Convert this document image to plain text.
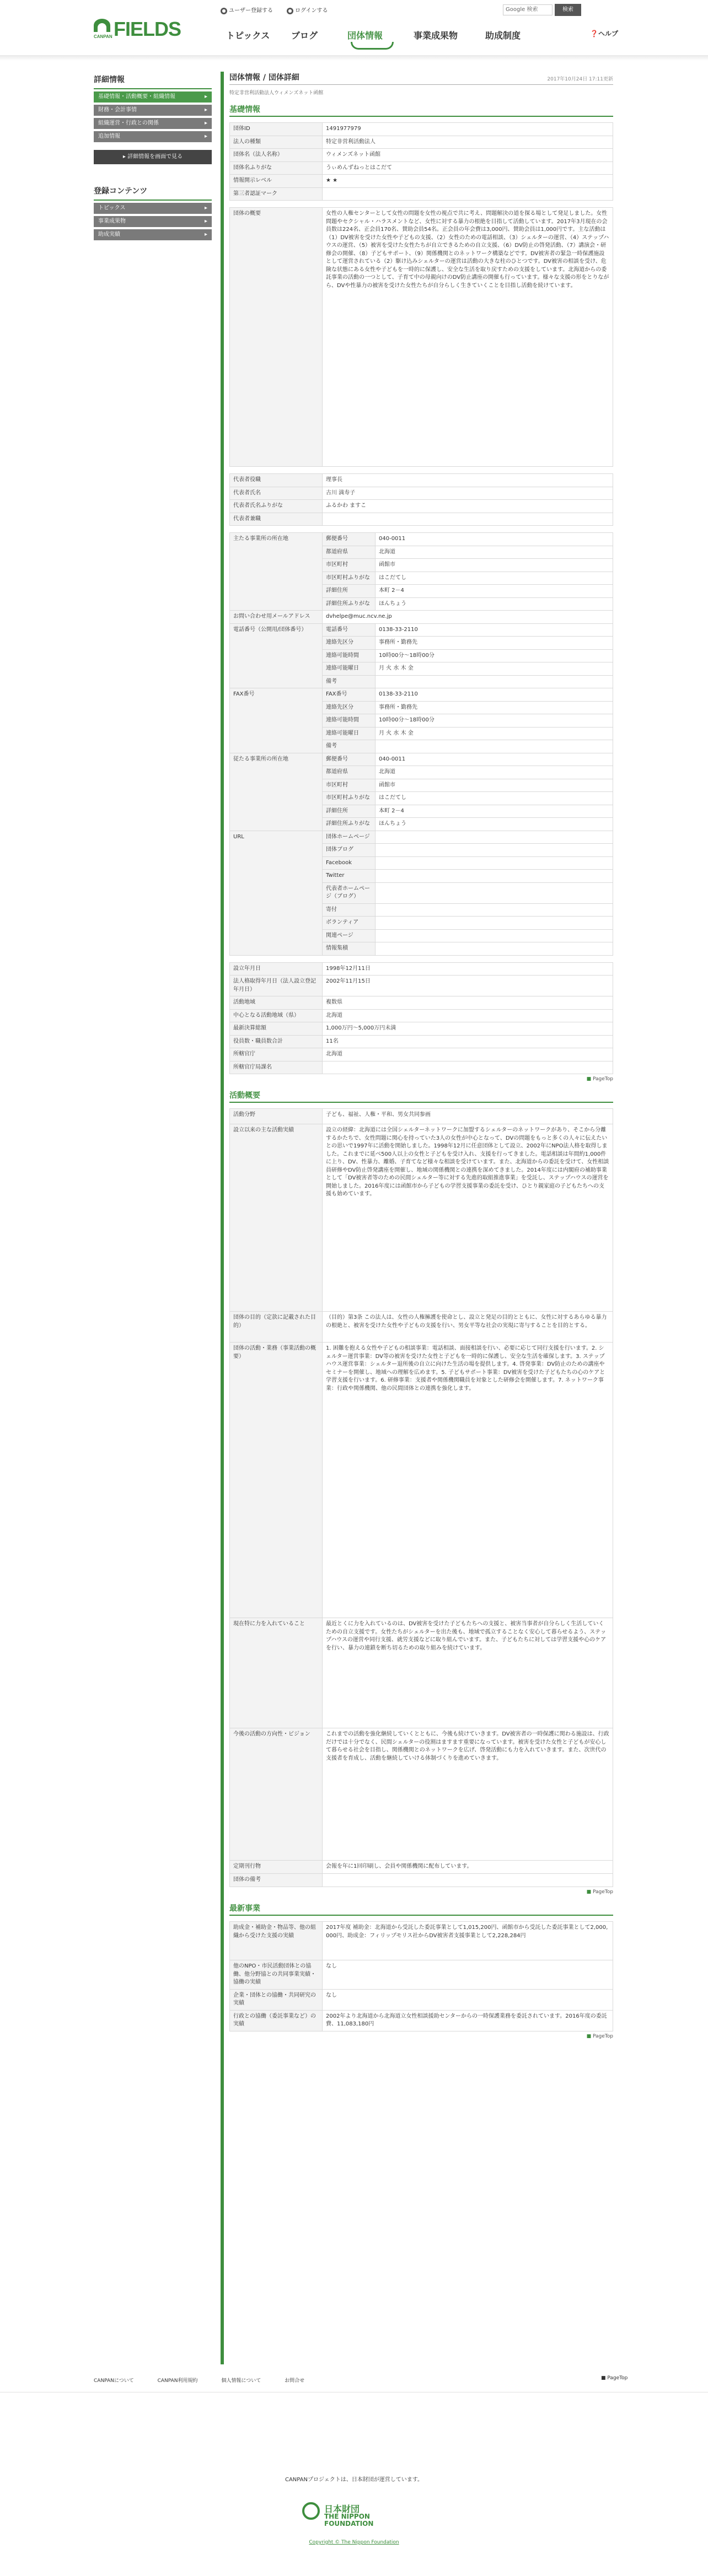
FIELDS
CANPAN
● ユーザー登録する	● ログインする	Google 検索	検索
トピックス ブログ	団体情報	事業成果物	助成制度	❓ヘルプ
詳細情報
基礎情報・活動概要・組織情報 ▸
財務・会計事情 ▸
組織運営・行政との関係 ▸
追加情報 ▸
▸ 詳細情報を画面で見る
登録コンテンツ
トピックス ▸
事業成果物 ▸
助成実績 ▸
団体情報 / 団体詳細	2017年10月24日 17:11更新
特定非営利活動法人ウィメンズネット函館
基礎情報
団体ID	1491977979
法人の種類	特定非営利活動法人
団体名（法人名称）	ウィメンズネット函館
団体名ふりがな	うぃめんずねっとはこだて
情報開示レベル	★ ★
第三者認証マーク	
団体の概要	女性の人権センターとして女性の問題を女性の視点で共に考え、問題解決の道を探る場として発足しました。女性問題やセクシャル・ハラスメントなど、女性に対する暴力の根絶を目指して活動しています。2017年3月現在の会員数は224名、正会員170名、賛助会員54名。正会員の年会費は3,000円、賛助会員は1,000円です。主な活動は（1）DV被害を受けた女性や子どもの支援、（2）女性のための電話相談、（3）シェルターの運営、（4）ステップハウスの運営、（5）被害を受けた女性たちが自立できるための自立支援、（6）DV防止の啓発活動、（7）講演会・研修会の開催、（8）子どもサポート、（9）関係機関とのネットワーク構築などです。DV被害者の緊急一時保護施設として運営されている（2）駆け込みシェルターの運営は活動の大きな柱のひとつです。DV被害の相談を受け、危険な状態にある女性や子どもを一時的に保護し、安全な生活を取り戻すための支援をしています。北海道からの委託事業の活動の一つとして、子育て中の母親向けのDV防止講座の開催も行っています。様々な支援の形をとりながら、DVや性暴力の被害を受けた女性たちが自分らしく生きていくことを目指し活動を続けています。
代表者役職	理事長
代表者氏名	古川 満寿子
代表者氏名ふりがな	ふるかわ ますこ
代表者兼職	
主たる事業所の所在地	郵便番号	040-0011
	都道府県	北海道
	市区町村	函館市
	市区町村ふりがな	はこだてし
	詳細住所	本町 2－4
	詳細住所ふりがな	ほんちょう
お問い合わせ用メールアドレス	dvhelpe@muc.ncv.ne.jp	
電話番号（公開用/団体番号）	電話番号	0138-33-2110
	連絡先区分	事務所・勤務先
	連絡可能時間	10時00分～18時00分
	連絡可能曜日	月 火 水 木 金
	備考	
FAX番号	FAX番号	0138-33-2110
	連絡先区分	事務所・勤務先
	連絡可能時間	10時00分～18時00分
	連絡可能曜日	月 火 水 木 金
	備考	
従たる事業所の所在地	郵便番号	040-0011
	都道府県	北海道
	市区町村	函館市
	市区町村ふりがな	はこだてし
	詳細住所	本町 2－4
	詳細住所ふりがな	ほんちょう
URL	団体ホームページ	
	団体ブログ	
	Facebook	
	Twitter	
	代表者ホームページ（ブログ）	
	寄付	
	ボランティア	
	関連ページ	
	情報集積	
設立年月日	1998年12月11日
法人格取得年月日（法人設立登記年月日）	2002年11月15日
活動地域	複数県
中心となる活動地域（県）	北海道
最新決算総額	1,000万円～5,000万円未満
役員数・職員数合計	11名
所轄官庁	北海道
所轄官庁局課名	
■ PageTop
活動概要
活動分野	子ども、福祉、人権・平和、男女共同参画
設立以来の主な活動実績	設立の経緯：北海道には全国シェルターネットワークに加盟するシェルターのネットワークがあり、そこから分離するかたちで、女性問題に関心を持っていた3人の女性が中心となって、DVの問題をもっと多くの人々に伝えたいとの思いで1997年に活動を開始しました。1998年12月に任意団体として設立、2002年にNPO法人格を取得しました。これまでに延べ500人以上の女性と子どもを受け入れ、支援を行ってきました。電話相談は年間約1,000件に上り、DV、性暴力、離婚、子育てなど様々な相談を受けています。また、北海道からの委託を受けて、女性相談員研修やDV防止啓発講座を開催し、地域の関係機関との連携を深めてきました。2014年度には内閣府の補助事業として「DV被害者等のための民間シェルター等に対する先進的取組推進事業」を受託し、ステップハウスの運営を開始しました。2016年度には函館市から子どもの学習支援事業の委託を受け、ひとり親家庭の子どもたちへの支援も始めています。
団体の目的（定款に記載された目的）	（目的）第3条 この法人は、女性の人権擁護を使命とし、設立と発足の目的とともに、女性に対するあらゆる暴力の根絶と、被害を受けた女性や子どもの支援を行い、男女平等な社会の実現に寄与することを目的とする。
団体の活動・業務（事業活動の概要）	1. 困難を抱える女性や子どもの相談事業：電話相談、面接相談を行い、必要に応じて同行支援を行います。2. シェルター運営事業：DV等の被害を受けた女性と子どもを一時的に保護し、安全な生活を確保します。3. ステップハウス運営事業：シェルター退所後の自立に向けた生活の場を提供します。4. 啓発事業：DV防止のための講座やセミナーを開催し、地域への理解を広めます。5. 子どもサポート事業：DV被害を受けた子どもたちの心のケアと学習支援を行います。6. 研修事業：支援者や関係機関職員を対象とした研修会を開催します。7. ネットワーク事業：行政や関係機関、他の民間団体との連携を強化します。
現在特に力を入れていること	最近とくに力を入れているのは、DV被害を受けた子どもたちへの支援と、被害当事者が自分らしく生活していくための自立支援です。女性たちがシェルターを出た後も、地域で孤立することなく安心して暮らせるよう、ステップハウスの運営や同行支援、就労支援などに取り組んでいます。また、子どもたちに対しては学習支援や心のケアを行い、暴力の連鎖を断ち切るための取り組みを続けています。
今後の活動の方向性・ビジョン	これまでの活動を強化継続していくとともに、今後も続けていきます。DV被害者の一時保護に関わる施設は、行政だけでは十分でなく、民間シェルターの役割はますます重要になっています。被害を受けた女性と子どもが安心して暮らせる社会を目指し、関係機関とのネットワークを広げ、啓発活動にも力を入れていきます。また、次世代の支援者を育成し、活動を継続していける体制づくりを進めていきます。
定期刊行物	会報を年に1回印刷し、会員や関係機関に配布しています。
団体の備考	
■ PageTop
最新事業
助成金・補助金・物品等、他の組織から受けた支援の実績	2017年度 補助金：北海道から受託した委託事業として1,015,200円、函館市から受託した委託事業として2,000,000円、助成金：フィリップモリス社からDV被害者支援事業として2,228,284円
他のNPO・市民活動団体との協働、他分野協との共同事業実績・協働の実績	なし
企業・団体との協働・共同研究の実績	なし
行政との協働（委託事業など）の実績	2002年より北海道から北海道立女性相談援助センターからの一時保護業務を委託されています。2016年度の委託費、11,083,180円
■ PageTop
CANPANについて	CANPAN利用規約	個人情報について	お問合せ	■ PageTop
CANPANプロジェクトは、日本財団が運営しています。
日本財団
THE NIPPON FOUNDATION
Copyright © The Nippon Foundation
